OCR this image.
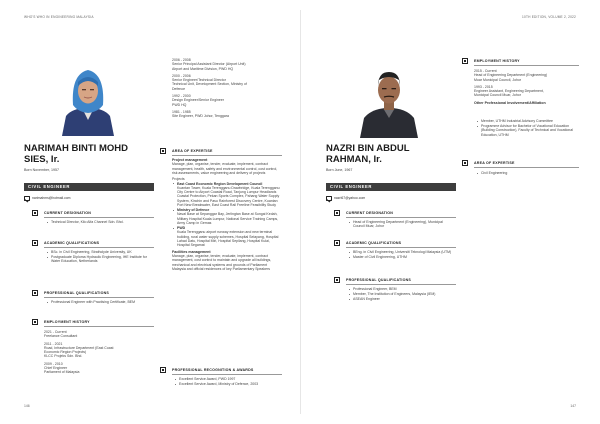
WHO'S WHO IN ENGINEERING MALAYSIA	10TH EDITION, VOLUME 2, 2022
NARIMAH BINTI MOHD
SIES, Ir.
Born November, 1957
CIVIL ENGINEER
narimahms@hotmail.com
CURRENT DESIGNATION
Technical Director, Kilo Alfa Channel Sdn. Bhd.
ACADEMIC QUALIFICATIONS
BSc. in Civil Engineering, Strathclyde University, UK
Postgraduate Diploma Hydraulic Engineering, IHE Institute for Water Education, Netherlands
PROFESSIONAL QUALIFICATIONS
Professional Engineer with Practising Certificate, BEM
EMPLOYMENT HISTORY

2021 - Current

Freelance Consultant

2011 - 2021

Road, Infrastructure Department (East Coast

Economic Region Projects)

KLCC Projeks Sdn. Bhd.

2009 - 2010

Chief Engineer

Parliament of Malaysia

2006 - 2008

Senior Principal Assistant Director (Airport Unit)

Airport and Maritime Division, PWD HQ

2000 - 2006

Senior Engineer/Technical Director

Technical Unit, Development Section, Ministry of

Defence

1992 - 2000

Design Engineer/Senior Engineer

PWD HQ

1981 - 1985

Site Engineer, PWD Johor, Tenggara

AREA OF EXPERTISE
Project management
Manage, plan, organise, tender, evaluate, implement, contract management, health, safety and environmental control, cost control, risk assessments, value engineering and delivery of projects
Projects
East Coast Economic Region Development Council
Kuantan Tower, Kuala Terengganu Drawbridge, Kuala Terengganu City Centre to Airport Coastal Road, Tanjung Lumpur Headlands Coastal Protection, Pekan Sports Complex, Pahang Water Supply System, Kinchin and Pasu Rainforest Discovery Centre, Kuantan Port New Breakwater, East Coast Rail Freeline Feasibility Study
Ministry of Defence
Naval Base at Sepanggar Bay, Jerlingtan Base at Sungai Kedah, Military Hospital Kuala Lumpur, National Service Training Camps, Army Camp in Gemas
PWD
Kuala Terengganu airport runway extension and new terminal building, rural water supply schemes, Hospital Selayang, Hospital Lahad Datu, Hospital Miri, Hospital Sepilang, Hospital Kulai, Hospital Segamat
Facilities management
Manage, plan, organise, tender, evaluate, implement, contract management, cost control to maintain and upgrade all buildings, mechanical and electrical systems and grounds of Parliament Malaysia and official residences of key Parliamentary Speakers
PROFESSIONAL RECOGNITION & AWARDS
Excellent Service Award, PWD 1997
Excellent Service Award, Ministry of Defence, 2003
146
NAZRI BIN ABDUL
RAHMAN, Ir.
Born June, 1967
CIVIL ENGINEER
nazri67@yahoo.com
CURRENT DESIGNATION
Head of Engineering Department (Engineering), Municipal Council Muar, Johor
ACADEMIC QUALIFICATIONS
BEng. in Civil Engineering, Universiti Teknologi Malaysia (UTM)
Master of Civil Engineering, UTHM
PROFESSIONAL QUALIFICATIONS
Professional Engineer, BEM
Member, The Institution of Engineers, Malaysia (IEM)
ASEAN Engineer
EMPLOYMENT HISTORY

2015 - Current

Head of Engineering Department (Engineering)

Muar Municipal Council, Johor

1993 - 2015

Engineer Assistant, Engineering Department,

Municipal Council Muar, Johor

Other Professional Involvement/Affiliation
Member, UTHM Industrial Advisory Committee
Programme Advisor for Bachelor of Vocational Education (Building Construction), Faculty of Technical and Vocational Education, UTHM
AREA OF EXPERTISE
Civil Engineering
147
